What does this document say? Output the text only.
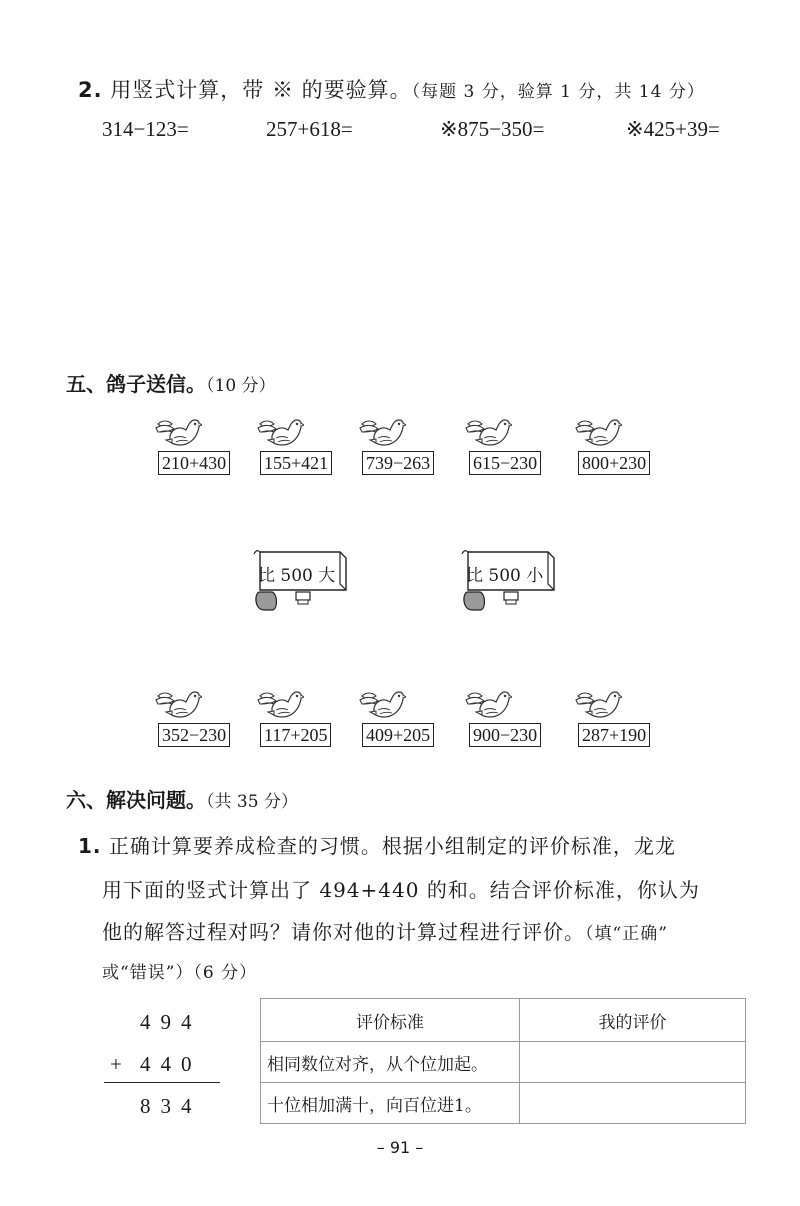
2. 用竖式计算，带 ※ 的要验算。（每题 3 分，验算 1 分，共 14 分）
314−123=	257+618=	※875−350=	※425+39=
五、鸽子送信。（10 分）
210+430 155+421 739−263 615−230 800+230
比 500 大	比 500 小
352−230 117+205 409+205 900−230 287+190
六、解决问题。（共 35 分）
1. 正确计算要养成检查的习惯。根据小组制定的评价标准，龙龙
用下面的竖式计算出了 494+440 的和。结合评价标准，你认为
他的解答过程对吗？请你对他的计算过程进行评价。（填“正确”
或“错误”）（6 分）
494
+ 440
834
评价标准	我的评价
相同数位对齐，从个位加起。	
十位相加满十，向百位进1。	
– 91 –
